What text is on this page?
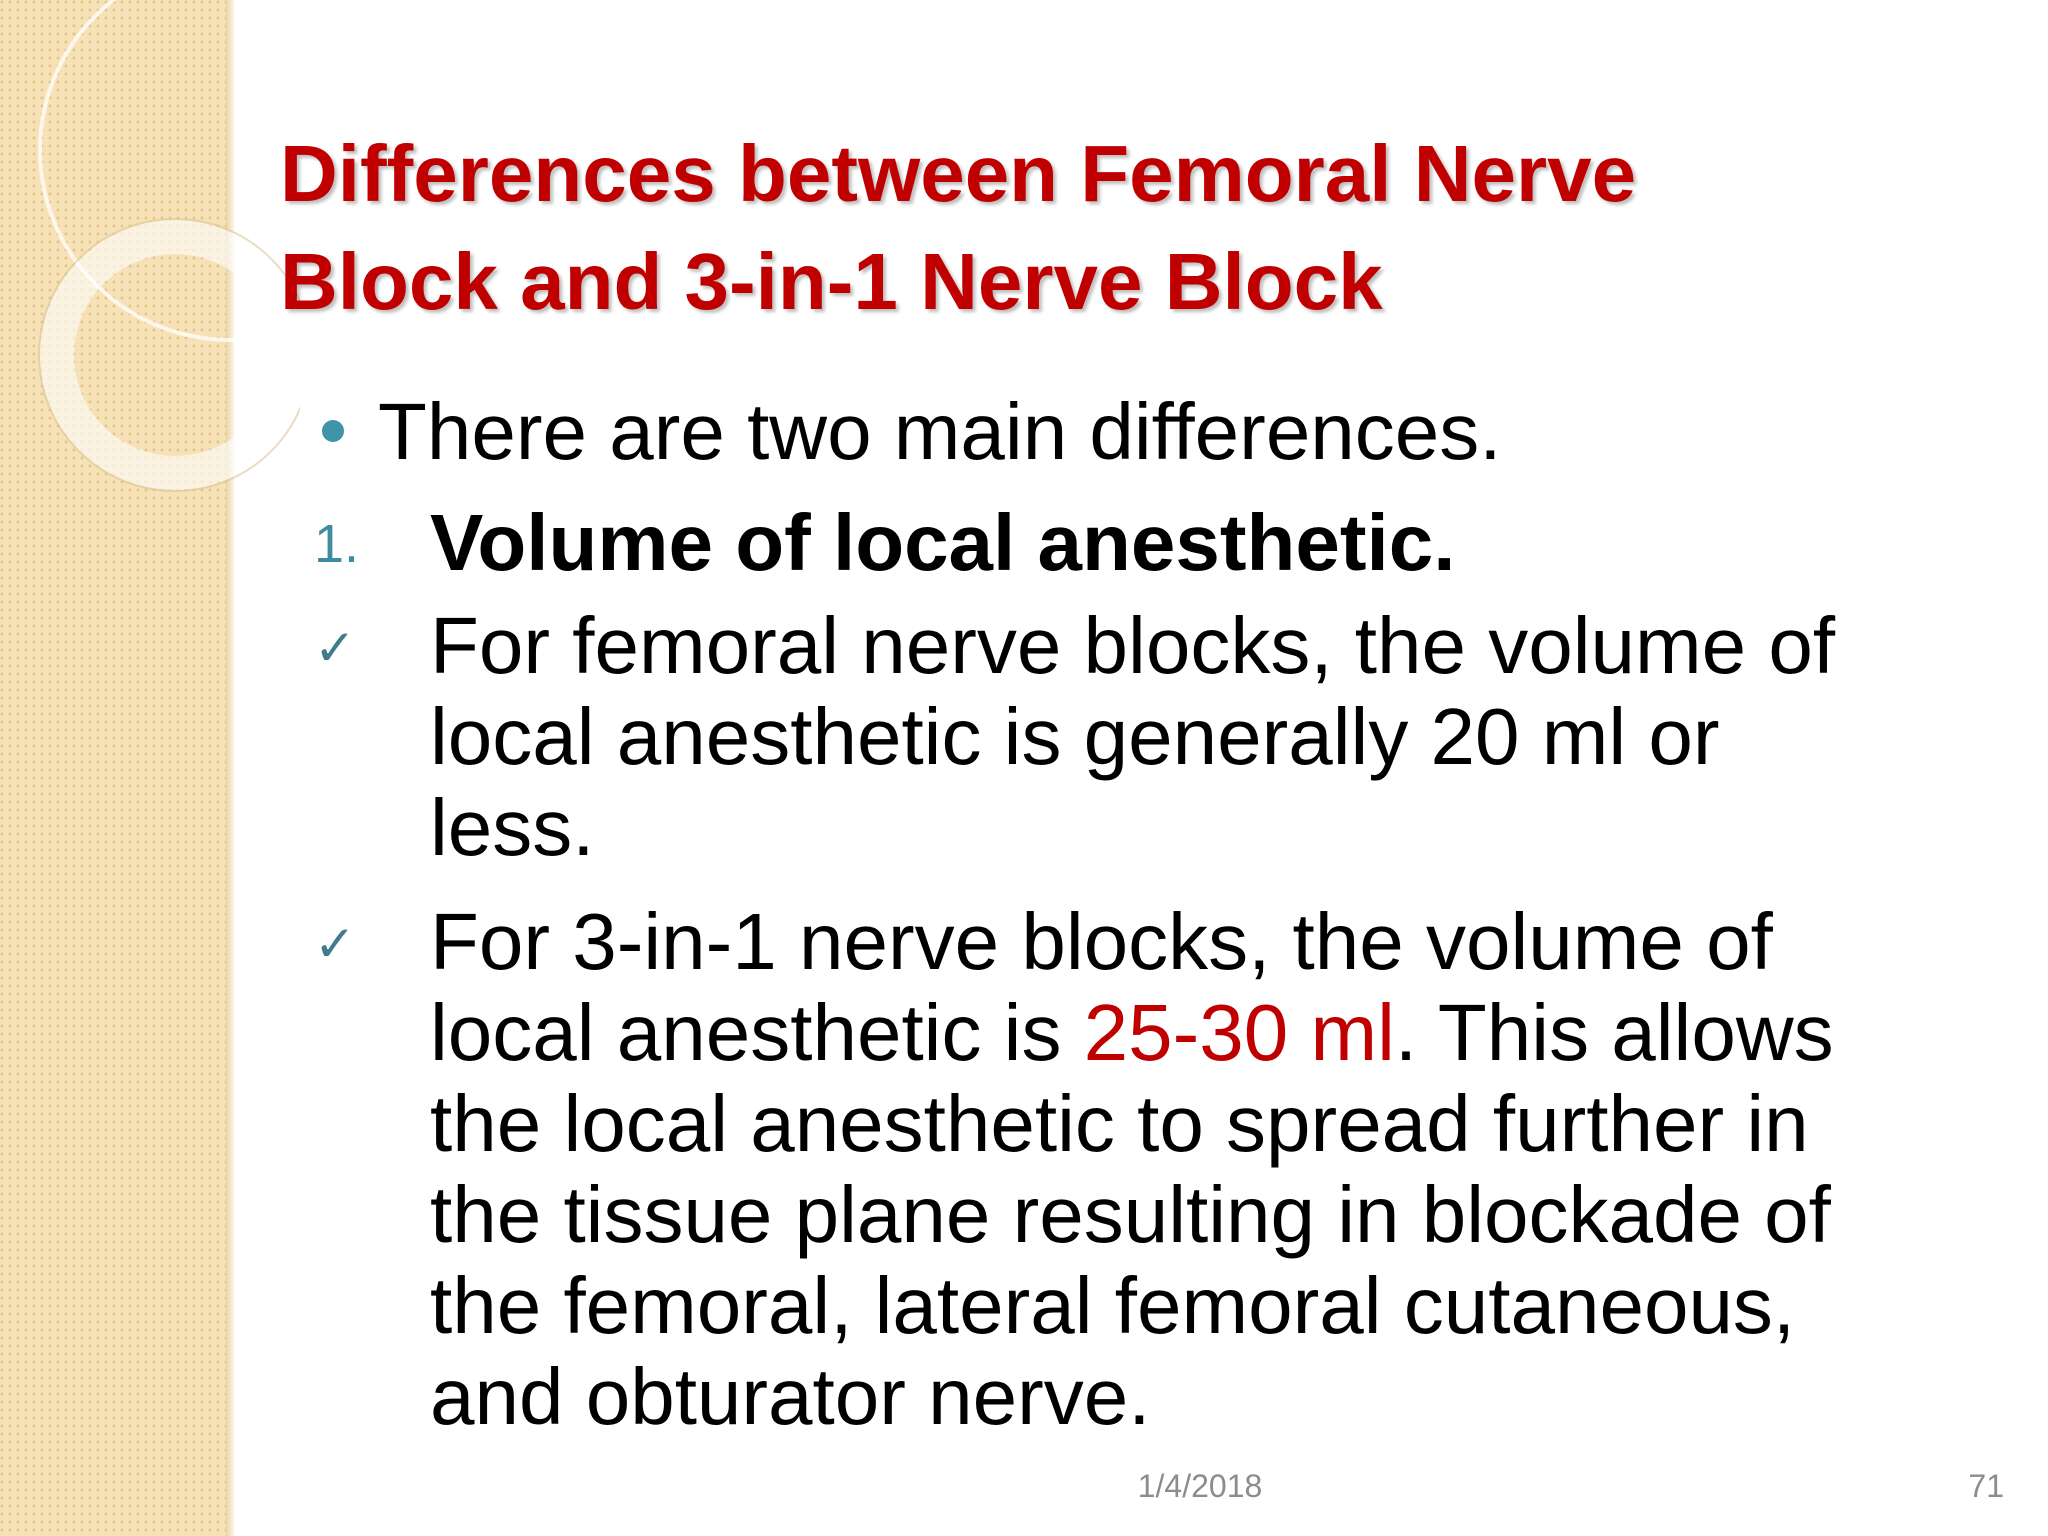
Differences between Femoral Nerve
Block and 3-in-1 Nerve Block

There are two main differences.

1. Volume of local anesthetic.

✓ For femoral nerve blocks, the volume of
local anesthetic is generally 20 ml or
less.

✓ For 3-in-1 nerve blocks, the volume of
local anesthetic is 25-30 ml. This allows
the local anesthetic to spread further in
the tissue plane resulting in blockade of
the femoral, lateral femoral cutaneous,
and obturator nerve.

1/4/2018	71
